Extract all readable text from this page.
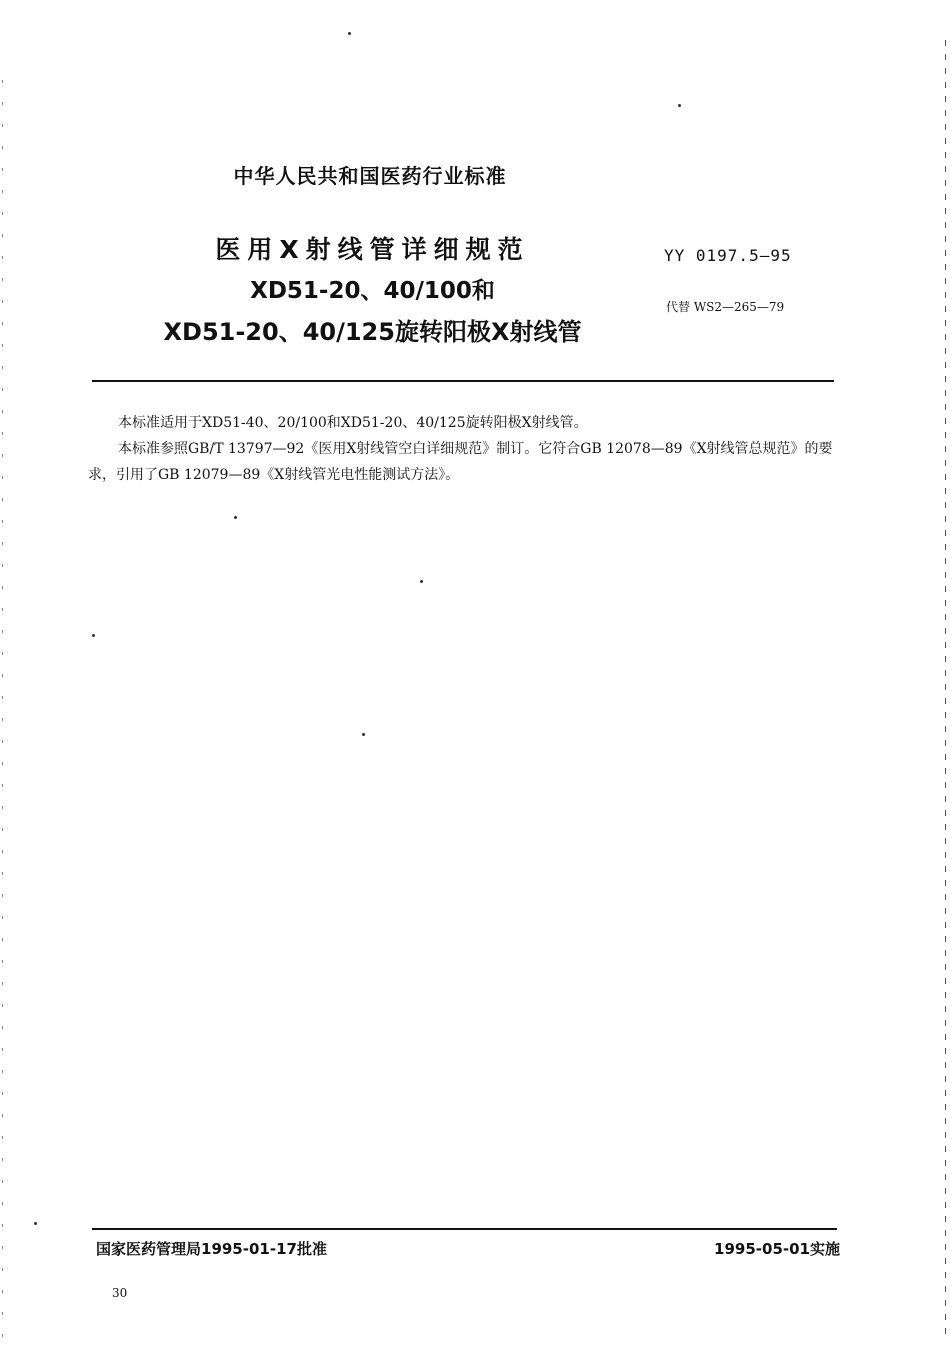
中华人民共和国医药行业标准
医用X射线管详细规范
XD51-20、40/100和
XD51-20、40/125旋转阳极X射线管
YY 0197.5—95
代替 WS2—265—79

本标准适用于XD51-40、20/100和XD51-20、40/125旋转阳极X射线管。

本标准参照GB/T 13797—92《医用X射线管空白详细规范》制订。它符合GB 12078—89《X射线管总规范》的要求，引用了GB 12079—89《X射线管光电性能测试方法》。

国家医药管理局1995-01-17批准	1995-05-01实施
30
